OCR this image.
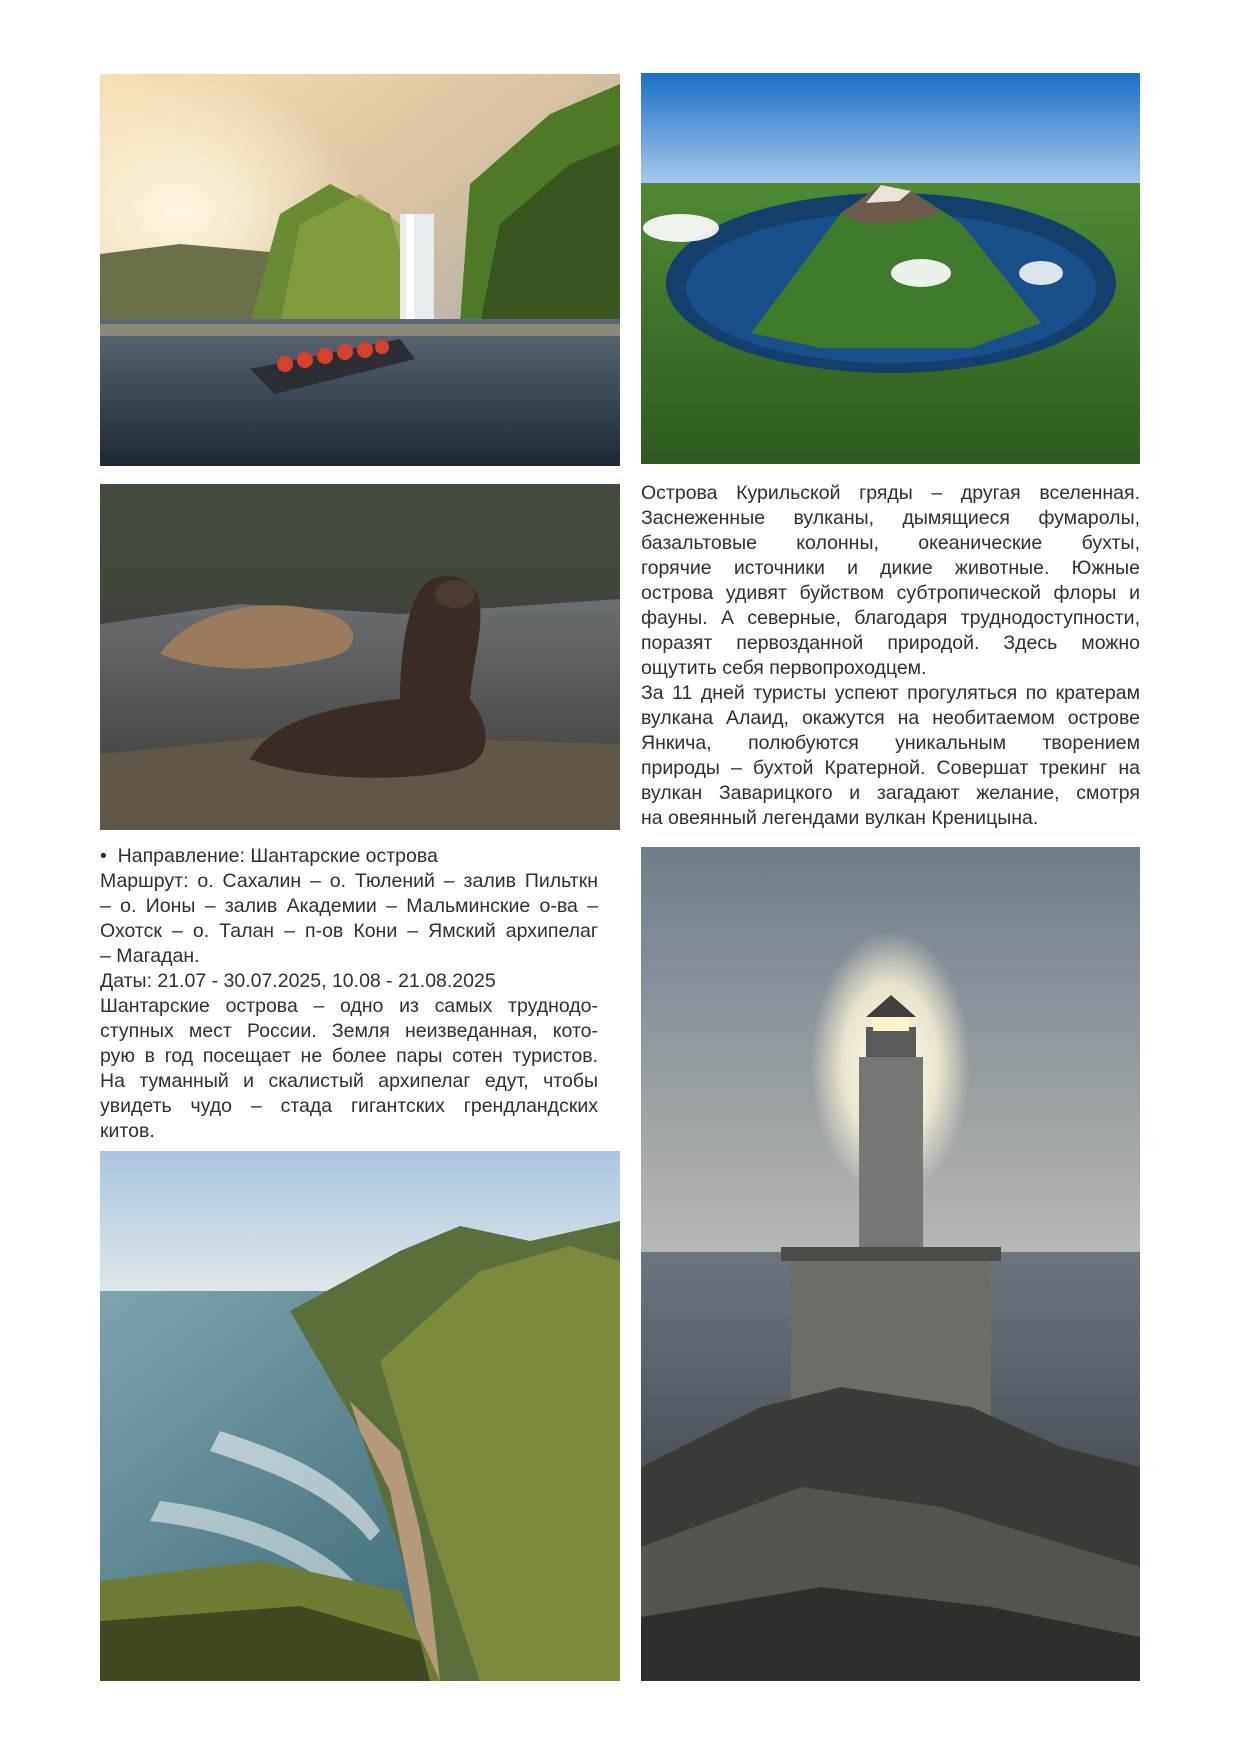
Острова Курильской гряды – другая вселенная.

Заснеженные вулканы, дымящиеся фумаролы,

базальтовые колонны, океанические бухты,

горячие источники и дикие животные. Южные

острова удивят буйством субтропической флоры и

фауны. А северные, благодаря труднодоступности,

поразят первозданной природой. Здесь можно

ощутить себя первопроходцем.

За 11 дней туристы успеют прогуляться по кратерам

вулкана Алаид, окажутся на необитаемом острове

Янкича, полюбуются уникальным творением

природы – бухтой Кратерной. Совершат трекинг на

вулкан Заварицкого и загадают желание, смотря

на овеянный легендами вулкан Креницына.

• Направление: Шантарские острова

Маршрут: о. Сахалин – о. Тюлений – залив Пильткн

– о. Ионы – залив Академии – Мальминские о-ва –

Охотск – о. Талан – п-ов Кони – Ямский архипелаг

– Магадан.

Даты: 21.07 - 30.07.2025, 10.08 - 21.08.2025

Шантарские острова – одно из самых труднодо-

ступных мест России. Земля неизведанная, кото-

рую в год посещает не более пары сотен туристов.

На туманный и скалистый архипелаг едут, чтобы

увидеть чудо – стада гигантских грендландских

китов.
